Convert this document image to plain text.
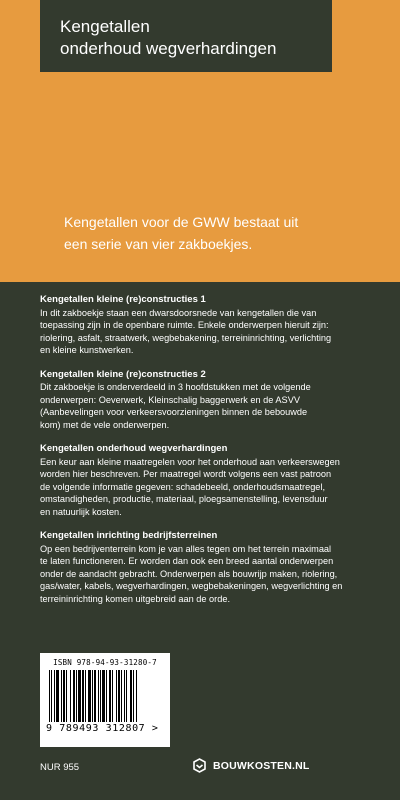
Kengetallen
onderhoud wegverhardingen
Kengetallen voor de GWW bestaat uit
een serie van vier zakboekjes.
Kengetallen kleine (re)constructies 1
In dit zakboekje staan een dwarsdoorsnede van kengetallen die van
toepassing zijn in de openbare ruimte. Enkele onderwerpen hieruit zijn:
riolering, asfalt, straatwerk, wegbebakening, terreininrichting, verlichting
en kleine kunstwerken.
Kengetallen kleine (re)constructies 2
Dit zakboekje is onderverdeeld in 3 hoofdstukken met de volgende
onderwerpen: Oeverwerk, Kleinschalig baggerwerk en de ASVV
(Aanbevelingen voor verkeersvoorzieningen binnen de bebouwde
kom) met de vele onderwerpen.
Kengetallen onderhoud wegverhardingen
Een keur aan kleine maatregelen voor het onderhoud aan verkeerswegen
worden hier beschreven. Per maatregel wordt volgens een vast patroon
de volgende informatie gegeven: schadebeeld, onderhoudsmaatregel,
omstandigheden, productie, materiaal, ploegsamenstelling, levensduur
en natuurlijk kosten.
Kengetallen inrichting bedrijfsterreinen
Op een bedrijventerrein kom je van alles tegen om het terrein maximaal
te laten functioneren. Er worden dan ook een breed aantal onderwerpen
onder de aandacht gebracht. Onderwerpen als bouwrijp maken, riolering,
gas/water, kabels, wegverhardingen, wegbebakeningen, wegverlichting en
terreininrichting komen uitgebreid aan de orde.
ISBN 978-94-93-31280-7
9 789493 312807 >
NUR 955	BOUWKOSTEN.NL
